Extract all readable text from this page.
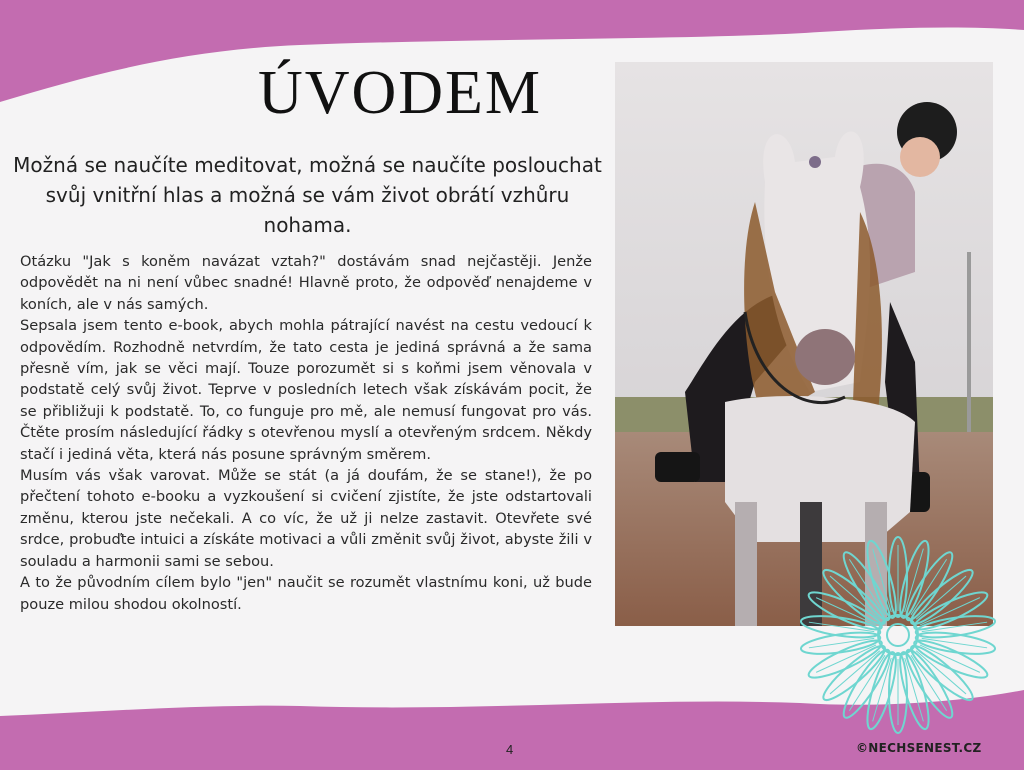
ÚVODEM
Možná se naučíte meditovat, možná se naučíte poslouchat svůj vnitřní hlas a možná se vám život obrátí vzhůru nohama.

Otázku "Jak s koněm navázat vztah?" dostávám snad nejčastěji. Jenže odpovědět na ni není vůbec snadné! Hlavně proto, že odpověď nenajdeme v koních, ale v nás samých.

Sepsala jsem tento e-book, abych mohla pátrající navést na cestu vedoucí k odpovědím. Rozhodně netvrdím, že tato cesta je jediná správná a že sama přesně vím, jak se věci mají. Touze porozumět si s koňmi jsem věnovala v podstatě celý svůj život. Teprve v posledních letech však získávám pocit, že se přibližuji k podstatě. To, co funguje pro mě, ale nemusí fungovat pro vás. Čtěte prosím následující řádky s otevřenou myslí a otevřeným srdcem. Někdy stačí i jediná věta, která nás posune správným směrem.

Musím vás však varovat. Může se stát (a já doufám, že se stane!), že po přečtení tohoto e-booku a vyzkoušení si cvičení zjistíte, že jste odstartovali změnu, kterou jste nečekali. A co víc, že už ji nelze zastavit. Otevřete své srdce, probuďte intuici a získáte motivaci a vůli změnit svůj život, abyste žili v souladu a harmonii sami se sebou.

A to že původním cílem bylo "jen" naučit se rozumět vlastnímu koni, už bude pouze milou shodou okolností.

4	©NECHSENEST.CZ
